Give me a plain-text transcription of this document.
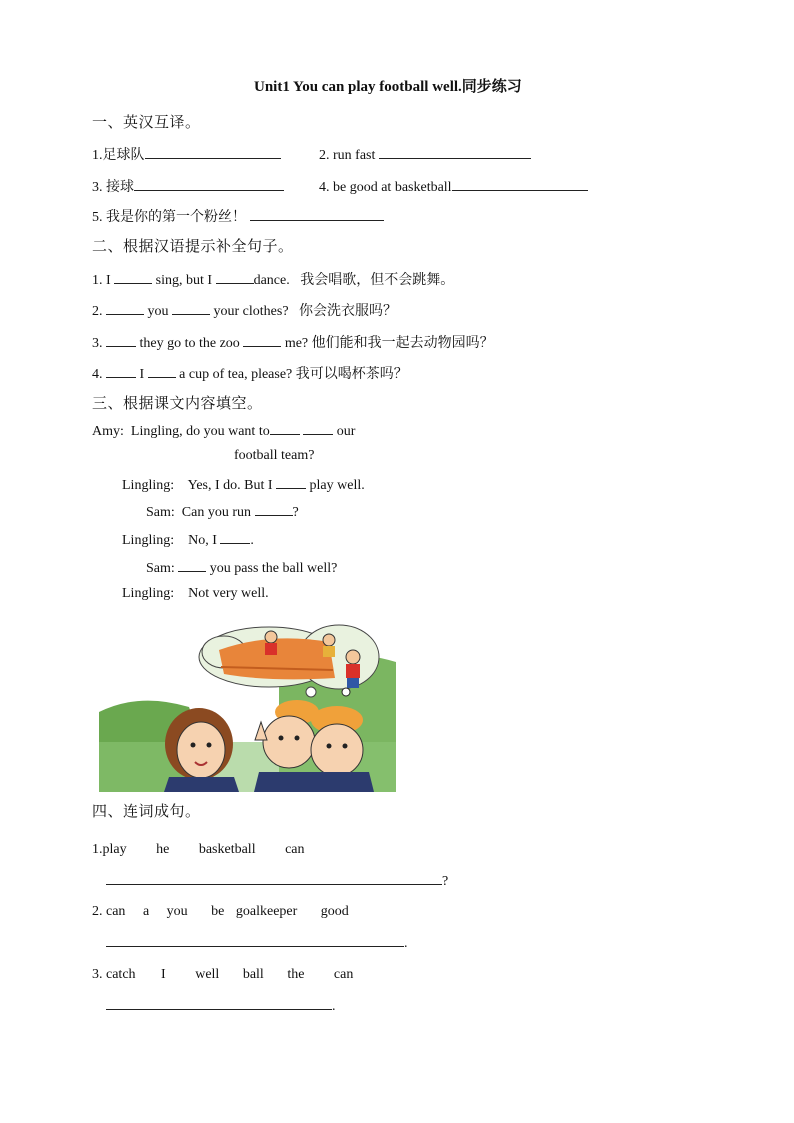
Unit1 You can play football well.同步练习
一、英汉互译。
1.足球队	2. run fast
3. 接球	4. be good at basketball
5. 我是你的第一个粉丝！
二、根据汉语提示补全句子。
1. I	sing, but I	dance. 我会唱歌，但不会跳舞。
2.	you	your clothes? 你会洗衣服吗？
3.	they go to the zoo	me? 他们能和我一起去动物园吗？
4.	I	a cup of tea, please? 我可以喝杯茶吗？
三、根据课文内容填空。
Amy: Lingling, do you want to	our
football team?
Lingling: Yes, I do. But I	play well.
Sam: Can you run	?
Lingling: No, I .
Sam:	you pass the ball well?
Lingling: Not very well.
四、连词成句。
1.play he basketball can
?
2. can a you be goalkeeper good
.
3. catch I well ball the can
.
